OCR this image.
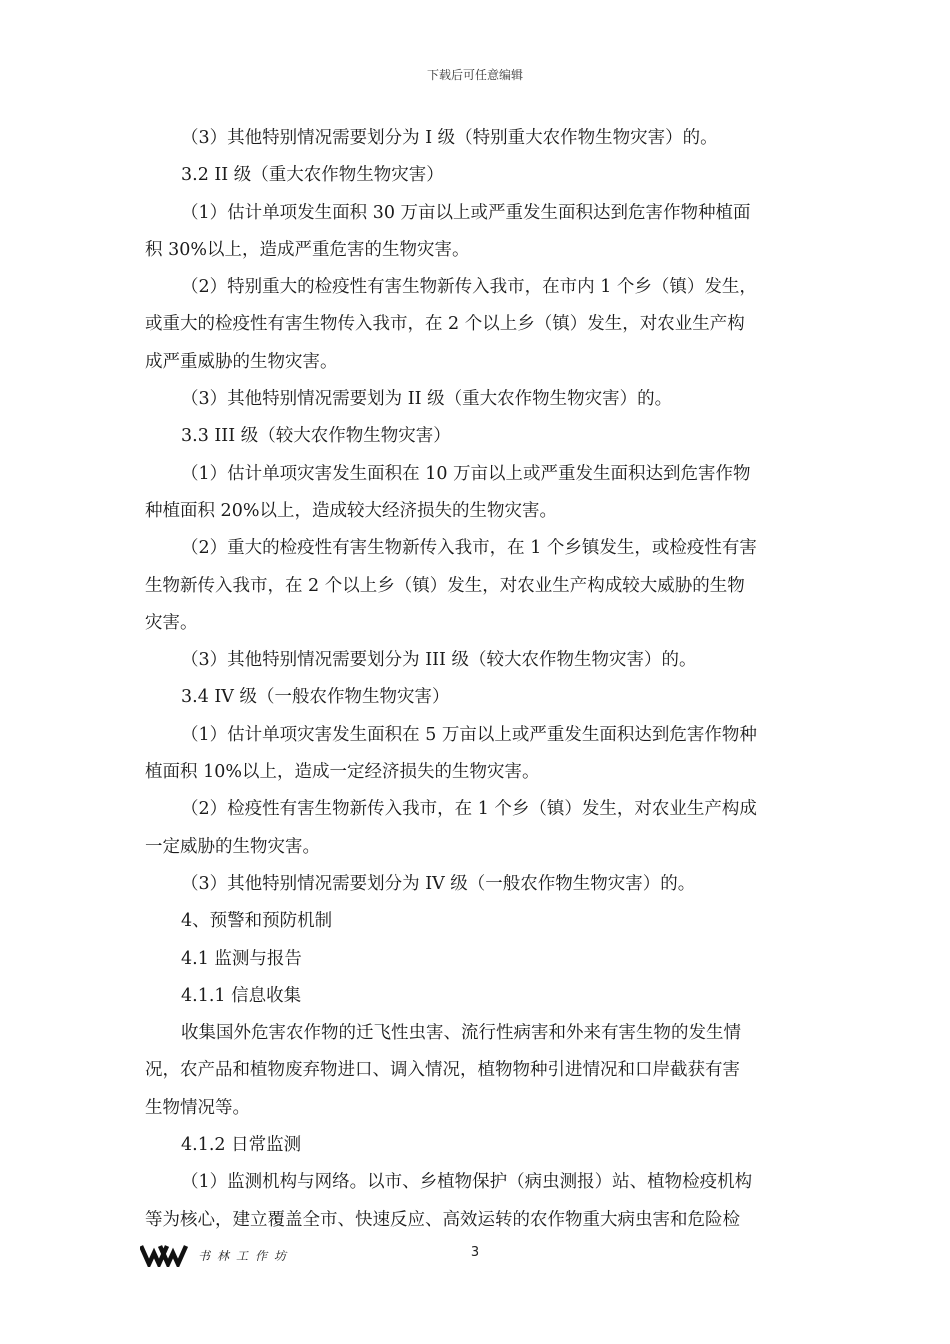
下载后可任意编辑
（3）其他特别情况需要划分为 I 级（特别重大农作物生物灾害）的。
3.2 II 级（重大农作物生物灾害）
（1）估计单项发生面积 30 万亩以上或严重发生面积达到危害作物种植面
积 30%以上，造成严重危害的生物灾害。
（2）特别重大的检疫性有害生物新传入我市，在市内 1 个乡（镇）发生，
或重大的检疫性有害生物传入我市，在 2 个以上乡（镇）发生，对农业生产构
成严重威胁的生物灾害。
（3）其他特别情况需要划为 II 级（重大农作物生物灾害）的。
3.3 III 级（较大农作物生物灾害）
（1）估计单项灾害发生面积在 10 万亩以上或严重发生面积达到危害作物
种植面积 20%以上，造成较大经济损失的生物灾害。
（2）重大的检疫性有害生物新传入我市，在 1 个乡镇发生，或检疫性有害
生物新传入我市，在 2 个以上乡（镇）发生，对农业生产构成较大威胁的生物
灾害。
（3）其他特别情况需要划分为 III 级（较大农作物生物灾害）的。
3.4 IV 级（一般农作物生物灾害）
（1）估计单项灾害发生面积在 5 万亩以上或严重发生面积达到危害作物种
植面积 10%以上，造成一定经济损失的生物灾害。
（2）检疫性有害生物新传入我市，在 1 个乡（镇）发生，对农业生产构成
一定威胁的生物灾害。
（3）其他特别情况需要划分为 IV 级（一般农作物生物灾害）的。
4、预警和预防机制
4.1 监测与报告
4.1.1 信息收集
收集国外危害农作物的迁飞性虫害、流行性病害和外来有害生物的发生情
况，农产品和植物废弃物进口、调入情况，植物物种引进情况和口岸截获有害
生物情况等。
4.1.2 日常监测
（1）监测机构与网络。以市、乡植物保护（病虫测报）站、植物检疫机构
等为核心，建立覆盖全市、快速反应、高效运转的农作物重大病虫害和危险检
书林工作坊	3
